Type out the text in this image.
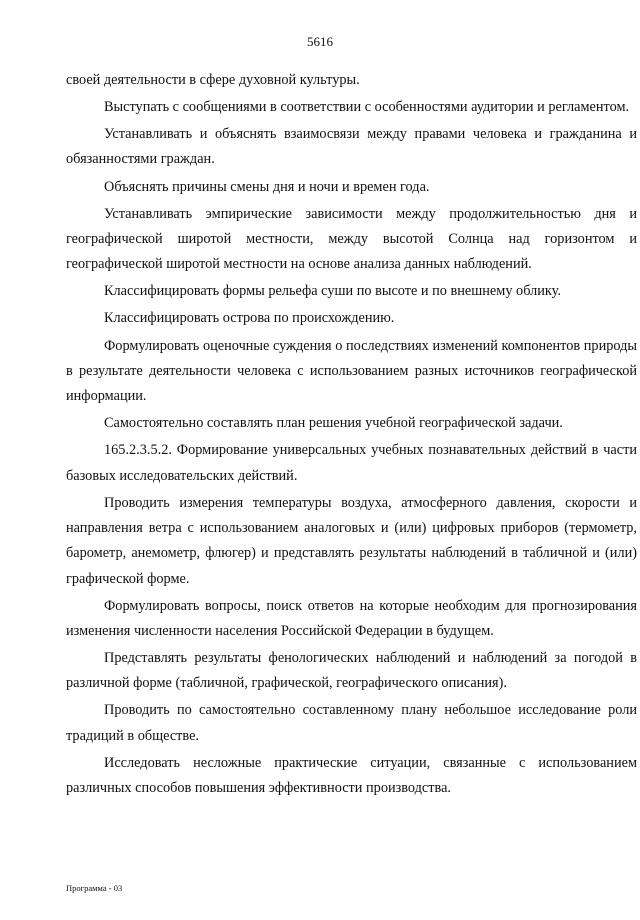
5616

своей деятельности в сфере духовной культуры.

Выступать с сообщениями в соответствии с особенностями аудитории и регламентом.

Устанавливать и объяснять взаимосвязи между правами человека и гражданина и обязанностями граждан.

Объяснять причины смены дня и ночи и времен года.

Устанавливать эмпирические зависимости между продолжительностью дня и географической широтой местности, между высотой Солнца над горизонтом и географической широтой местности на основе анализа данных наблюдений.

Классифицировать формы рельефа суши по высоте и по внешнему облику.

Классифицировать острова по происхождению.

Формулировать оценочные суждения о последствиях изменений компонентов природы в результате деятельности человека с использованием разных источников географической информации.

Самостоятельно составлять план решения учебной географической задачи.

165.2.3.5.2. Формирование универсальных учебных познавательных действий в части базовых исследовательских действий.

Проводить измерения температуры воздуха, атмосферного давления, скорости и направления ветра с использованием аналоговых и (или) цифровых приборов (термометр, барометр, анемометр, флюгер) и представлять результаты наблюдений в табличной и (или) графической форме.

Формулировать вопросы, поиск ответов на которые необходим для прогнозирования изменения численности населения Российской Федерации в будущем.

Представлять результаты фенологических наблюдений и наблюдений за погодой в различной форме (табличной, графической, географического описания).

Проводить по самостоятельно составленному плану небольшое исследование роли традиций в обществе.

Исследовать несложные практические ситуации, связанные с использованием различных способов повышения эффективности производства.

Программа - 03
